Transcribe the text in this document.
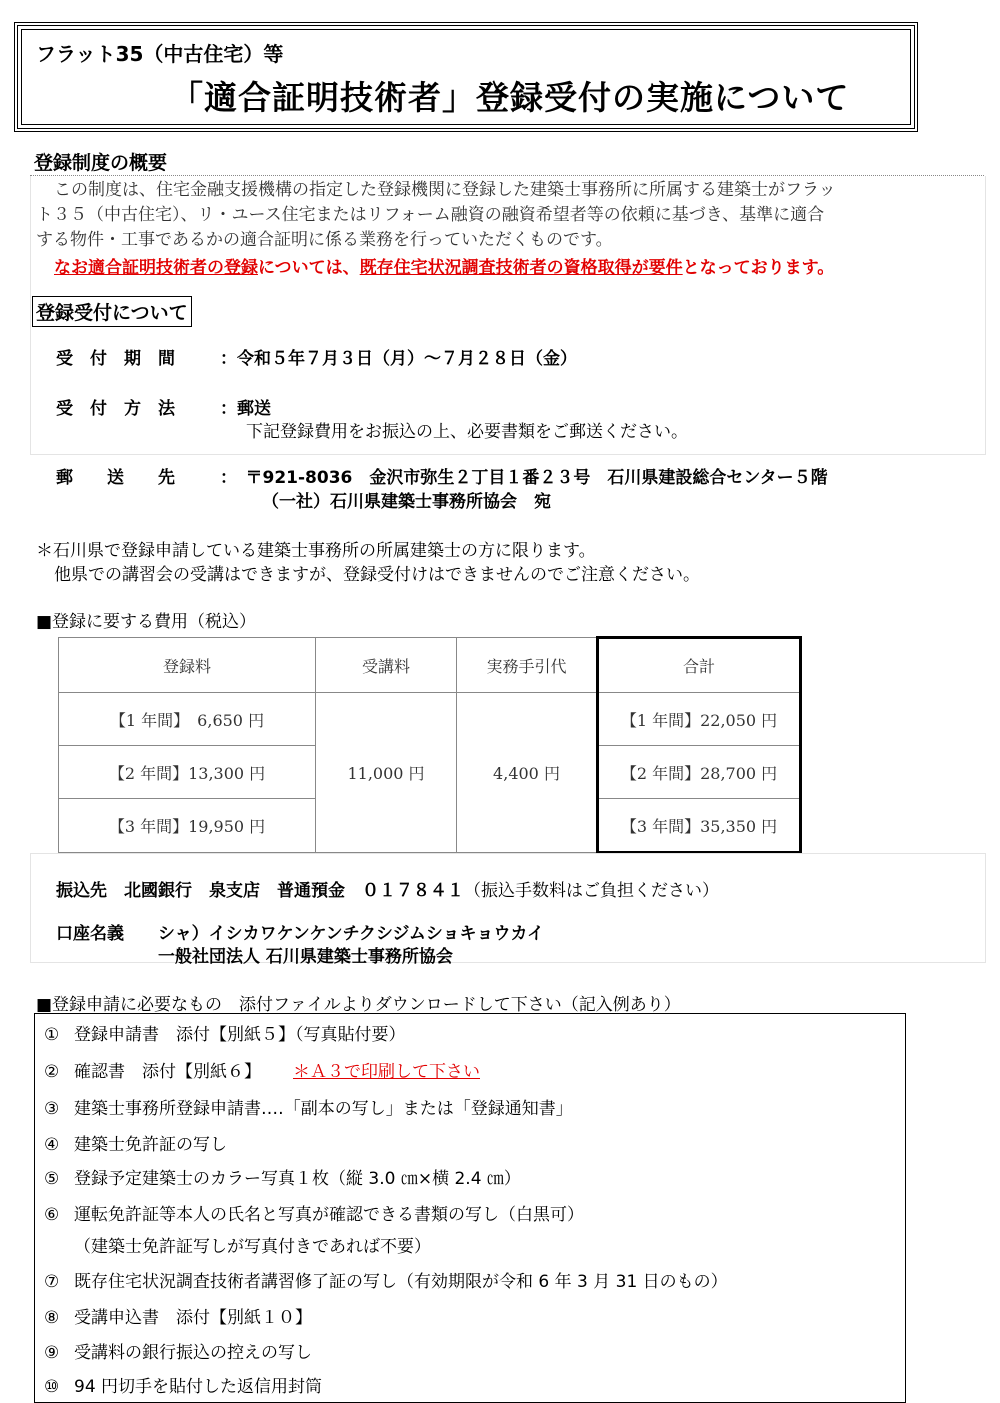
フラット35（中古住宅）等
「適合証明技術者」登録受付の実施について
登録制度の概要
この制度は、住宅金融支援機構の指定した登録機関に登録した建築士事務所に所属する建築士がフラッ
ト３５（中古住宅）、リ・ユース住宅またはリフォーム融資の融資希望者等の依頼に基づき、基準に適合
する物件・工事であるかの適合証明に係る業務を行っていただくものです。
なお適合証明技術者の登録については、既存住宅状況調査技術者の資格取得が要件となっております。
登録受付について
受　付　期　間	：令和５年７月３日（月）～７月２８日（金）
受　付　方　法	：郵送
下記登録費用をお振込の上、必要書類をご郵送ください。
郵　　送　　先	：　〒921-8036　金沢市弥生２丁目１番２３号　石川県建設総合センター５階
（一社）石川県建築士事務所協会　宛
＊石川県で登録申請している建築士事務所の所属建築士の方に限ります。
他県での講習会の受講はできますが、登録受付けはできませんのでご注意ください。
■登録に要する費用（税込）
登録料	受講料	実務手引代	合計
【1 年間】　6,650 円	11,000 円	4,400 円	【1 年間】22,050 円
【2 年間】13,300 円			【2 年間】28,700 円
【3 年間】19,950 円			【3 年間】35,350 円
振込先　北國銀行　泉支店　普通預金　０１７８４１（振込手数料はご負担ください）
口座名義 シャ）イシカワケンケンチクシジムショキョウカイ
一般社団法人 石川県建築士事務所協会
■登録申請に必要なもの　添付ファイルよりダウンロードして下さい（記入例あり）
① 登録申請書　添付【別紙５】（写真貼付要）
② 確認書　添付【別紙６】 ＊Ａ３で印刷して下さい
③ 建築士事務所登録申請書‥‥「副本の写し」または「登録通知書」
④ 建築士免許証の写し
⑤ 登録予定建築士のカラー写真１枚（縦 3.0 ㎝×横 2.4 ㎝）
⑥ 運転免許証等本人の氏名と写真が確認できる書類の写し（白黒可）
（建築士免許証写しが写真付きであれば不要）
⑦ 既存住宅状況調査技術者講習修了証の写し（有効期限が令和 6 年 3 月 31 日のもの）
⑧ 受講申込書　添付【別紙１０】
⑨ 受講料の銀行振込の控えの写し
⑩ 94 円切手を貼付した返信用封筒
